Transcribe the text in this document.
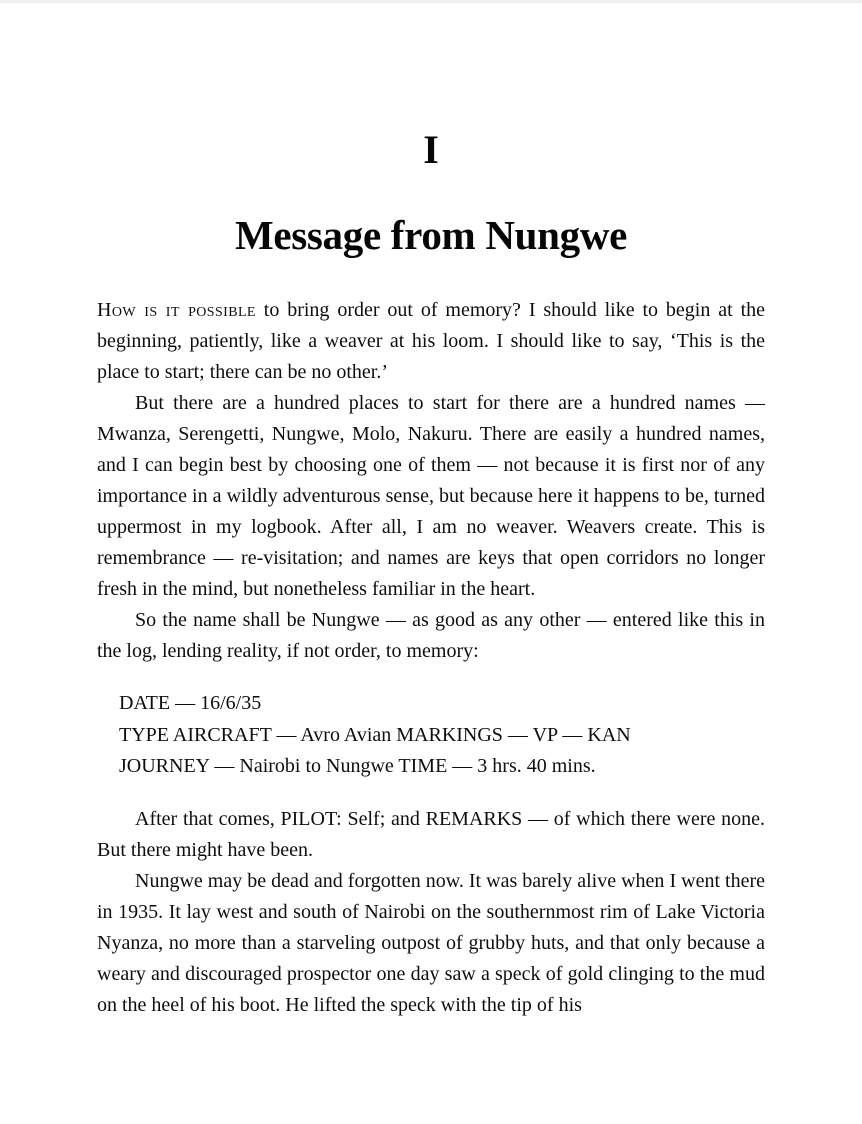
I
Message from Nungwe

How is it possible to bring order out of memory? I should like to begin at the beginning, patiently, like a weaver at his loom. I should like to say, ‘This is the place to start; there can be no other.’

But there are a hundred places to start for there are a hundred names — Mwanza, Serengetti, Nungwe, Molo, Nakuru. There are easily a hundred names, and I can begin best by choosing one of them — not because it is first nor of any importance in a wildly adventurous sense, but because here it happens to be, turned uppermost in my logbook. After all, I am no weaver. Weavers create. This is remembrance — re-visitation; and names are keys that open corridors no longer fresh in the mind, but nonetheless familiar in the heart.

So the name shall be Nungwe — as good as any other — entered like this in the log, lending reality, if not order, to memory:

DATE — 16/6/35
TYPE AIRCRAFT — Avro Avian MARKINGS — VP — KAN
JOURNEY — Nairobi to Nungwe TIME — 3 hrs. 40 mins.

After that comes, PILOT: Self; and REMARKS — of which there were none. But there might have been.

Nungwe may be dead and forgotten now. It was barely alive when I went there in 1935. It lay west and south of Nairobi on the southernmost rim of Lake Victoria Nyanza, no more than a starveling outpost of grubby huts, and that only because a weary and discouraged prospector one day saw a speck of gold clinging to the mud on the heel of his boot. He lifted the speck with the tip of his
